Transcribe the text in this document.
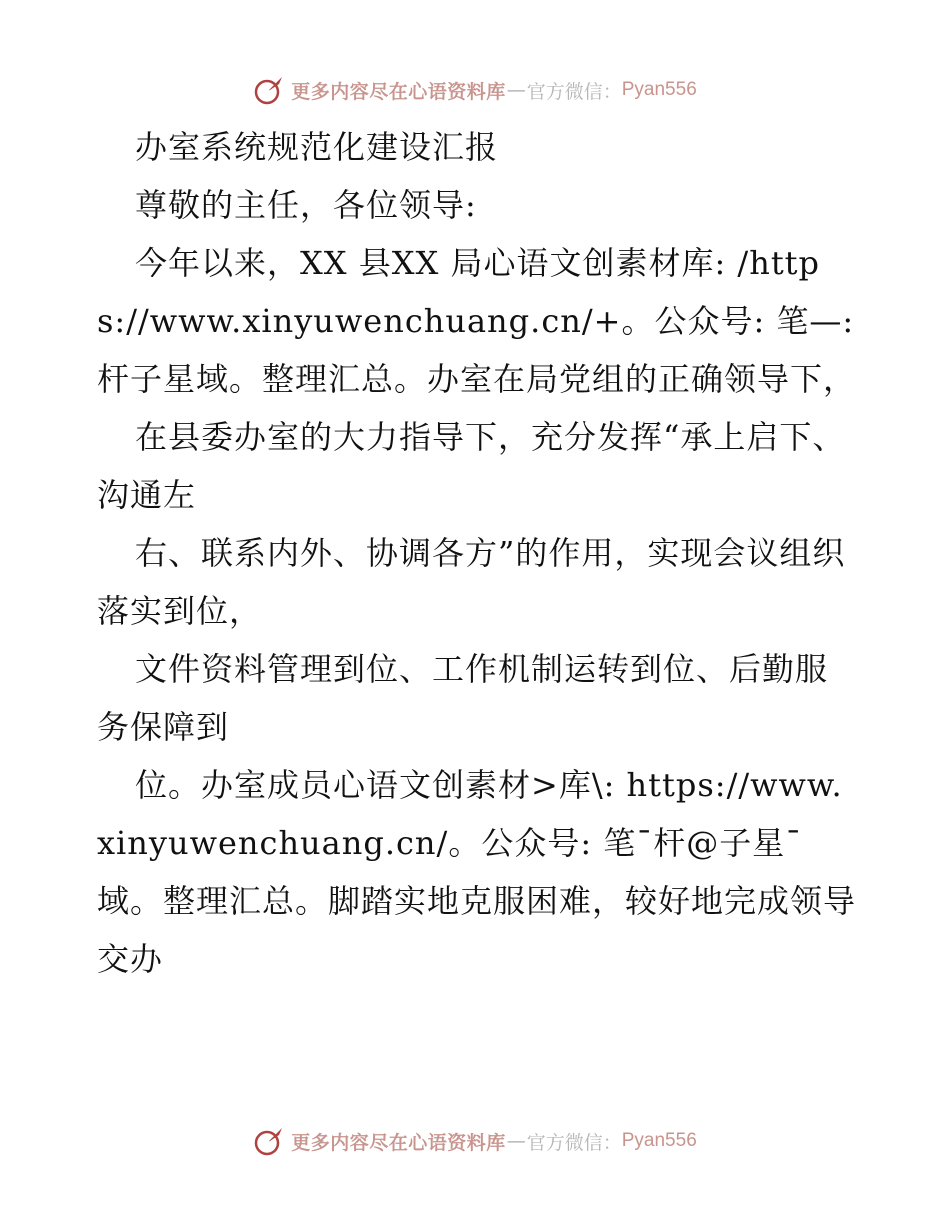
更多内容尽在心语资料库 — 官方微信： Pyan556

办室系统规范化建设汇报

尊敬的主任，各位领导:

今年以来，XX 县XX 局心语文创素材库: /https://www.xinyuwenchuang.cn/+。公众号: 笔—:杆子星域。整理汇总。办室在局党组的正确领导下，

在县委办室的大力指导下，充分发挥“承上启下、沟通左

右、联系内外、协调各方”的作用，实现会议组织落实到位，

文件资料管理到位、工作机制运转到位、后勤服务保障到

位。办室成员心语文创素材>库\: https://www.xinyuwenchuang.cn/。公众号: 笔¯杆@子星¯域。整理汇总。脚踏实地克服困难，较好地完成领导交办

更多内容尽在心语资料库 — 官方微信： Pyan556
